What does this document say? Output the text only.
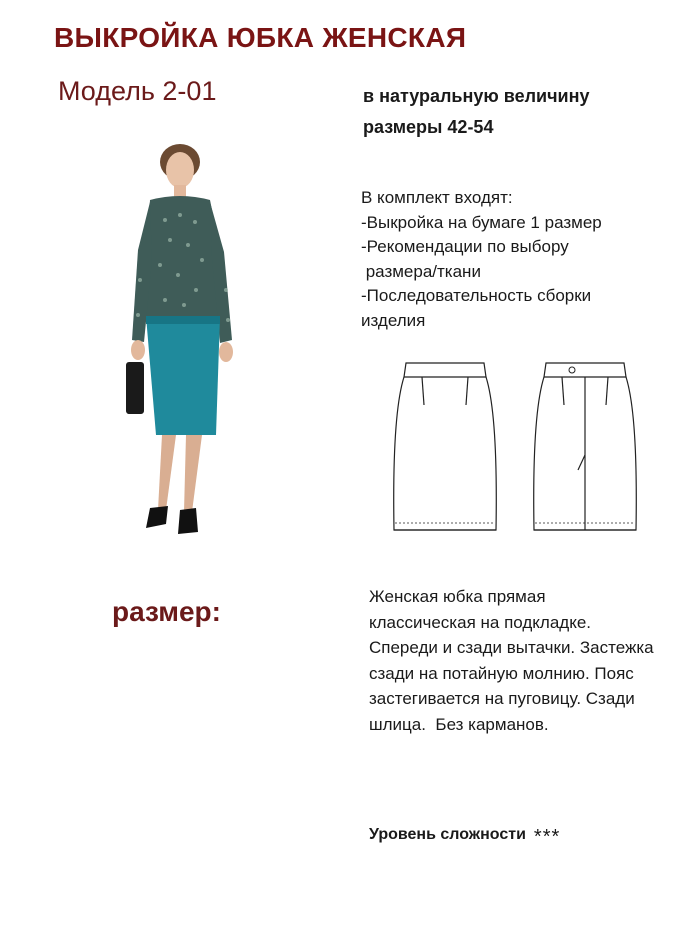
ВЫКРОЙКА ЮБКА ЖЕНСКАЯ
Модель 2-01	в натуральную величину
размеры 42-54
В комплект входят:
-Выкройка на бумаге 1 размер
-Рекомендации по выбору
размера/ткани
-Последовательность сборки
изделия
размер:	Женская юбка прямая
классическая на подкладке.
Спереди и сзади вытачки. Застежка
сзади на потайную молнию. Пояс
застегивается на пуговицу. Сзади
шлица.  Без карманов.
Уровень сложности ***
